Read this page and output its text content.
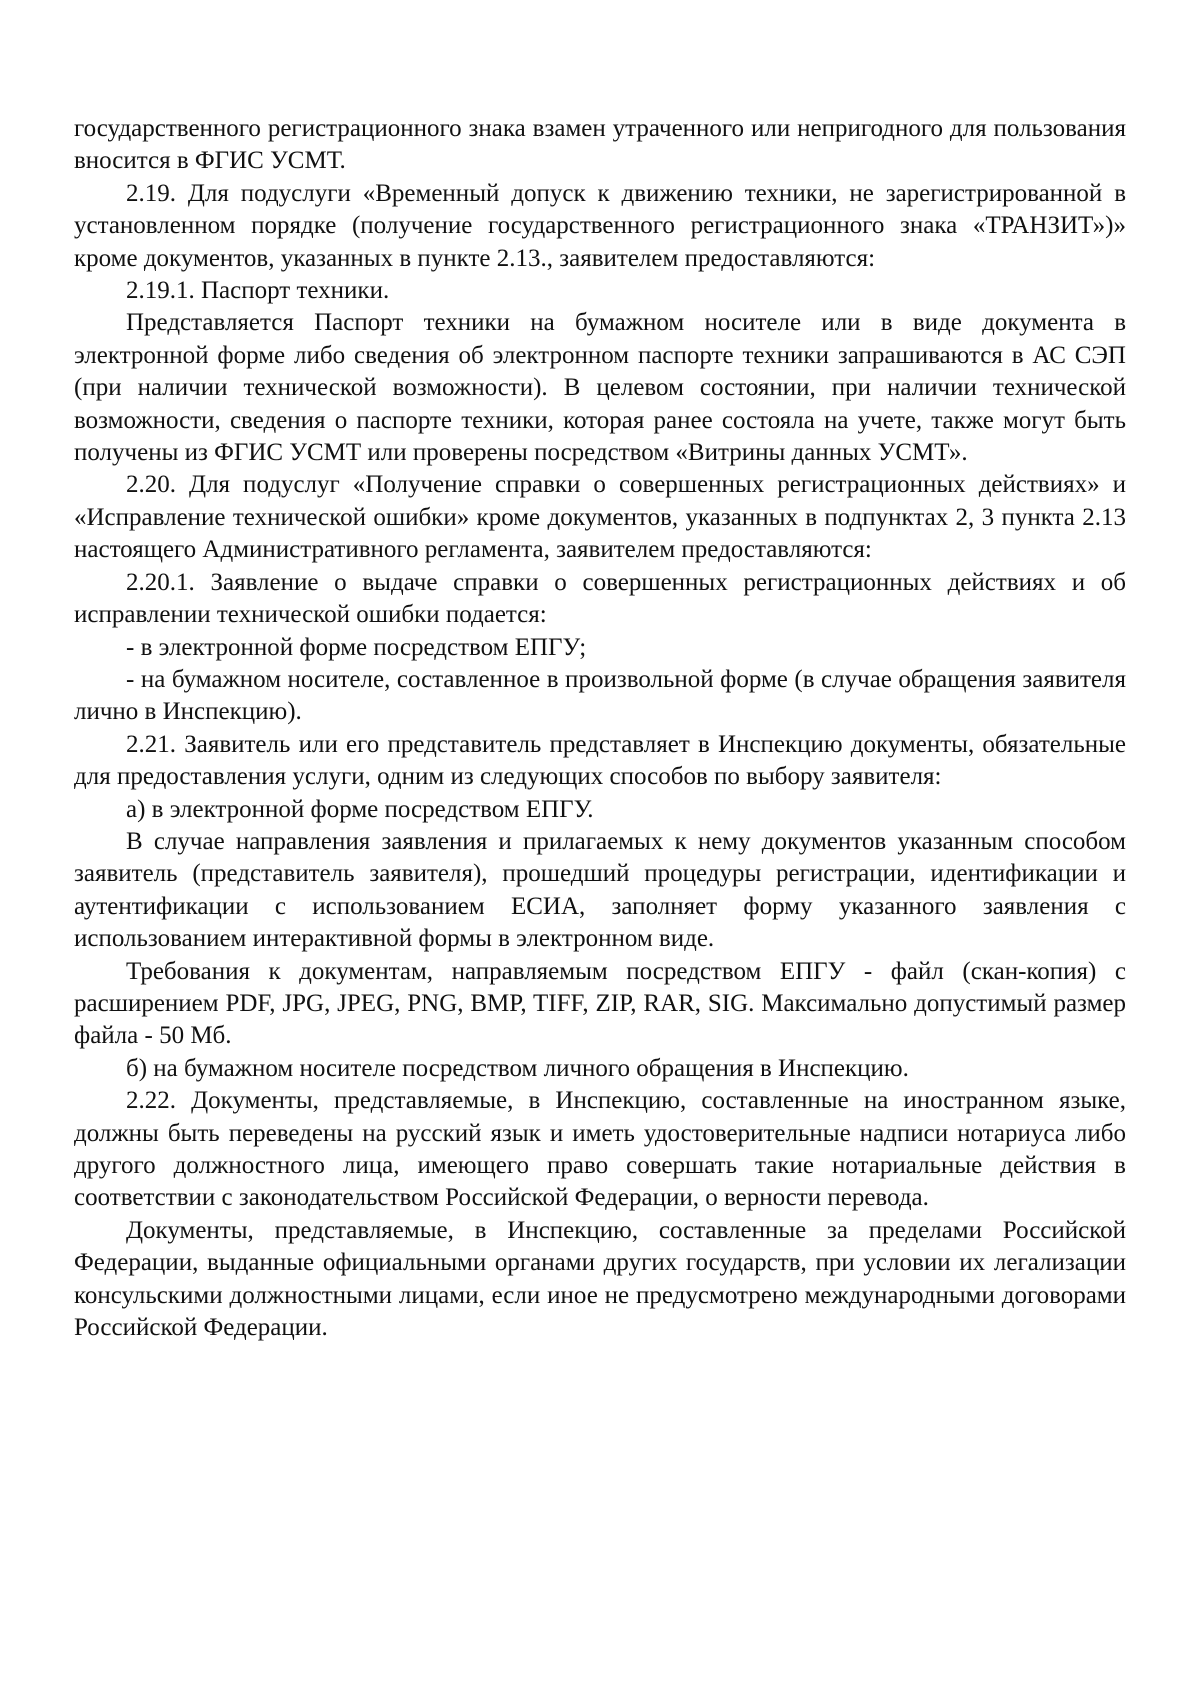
государственного регистрационного знака взамен утраченного или непригодного для пользования вносится в ФГИС УСМТ.

2.19. Для подуслуги «Временный допуск к движению техники, не зарегистрированной в установленном порядке (получение государственного регистрационного знака «ТРАНЗИТ»)» кроме документов, указанных в пункте 2.13., заявителем предоставляются:

2.19.1. Паспорт техники.

Представляется Паспорт техники на бумажном носителе или в виде документа в электронной форме либо сведения об электронном паспорте техники запрашиваются в АС СЭП (при наличии технической возможности). В целевом состоянии, при наличии технической возможности, сведения о паспорте техники, которая ранее состояла на учете, также могут быть получены из ФГИС УСМТ или проверены посредством «Витрины данных УСМТ».

2.20. Для подуслуг «Получение справки о совершенных регистрационных действиях» и «Исправление технической ошибки» кроме документов, указанных в подпунктах 2, 3 пункта 2.13 настоящего Административного регламента, заявителем предоставляются:

2.20.1. Заявление о выдаче справки о совершенных регистрационных действиях и об исправлении технической ошибки подается:

- в электронной форме посредством ЕПГУ;

- на бумажном носителе, составленное в произвольной форме (в случае обращения заявителя лично в Инспекцию).

2.21. Заявитель или его представитель представляет в Инспекцию документы, обязательные для предоставления услуги, одним из следующих способов по выбору заявителя:

а) в электронной форме посредством ЕПГУ.

В случае направления заявления и прилагаемых к нему документов указанным способом заявитель (представитель заявителя), прошедший процедуры регистрации, идентификации и аутентификации с использованием ЕСИА, заполняет форму указанного заявления с использованием интерактивной формы в электронном виде.

Требования к документам, направляемым посредством ЕПГУ - файл (скан-копия) с расширением PDF, JPG, JPEG, PNG, BMP, TIFF, ZIP, RAR, SIG. Максимально допустимый размер файла - 50 Мб.

б) на бумажном носителе посредством личного обращения в Инспекцию.

2.22. Документы, представляемые, в Инспекцию, составленные на иностранном языке, должны быть переведены на русский язык и иметь удостоверительные надписи нотариуса либо другого должностного лица, имеющего право совершать такие нотариальные действия в соответствии с законодательством Российской Федерации, о верности перевода.

Документы, представляемые, в Инспекцию, составленные за пределами Российской Федерации, выданные официальными органами других государств, при условии их легализации консульскими должностными лицами, если иное не предусмотрено международными договорами Российской Федерации.
